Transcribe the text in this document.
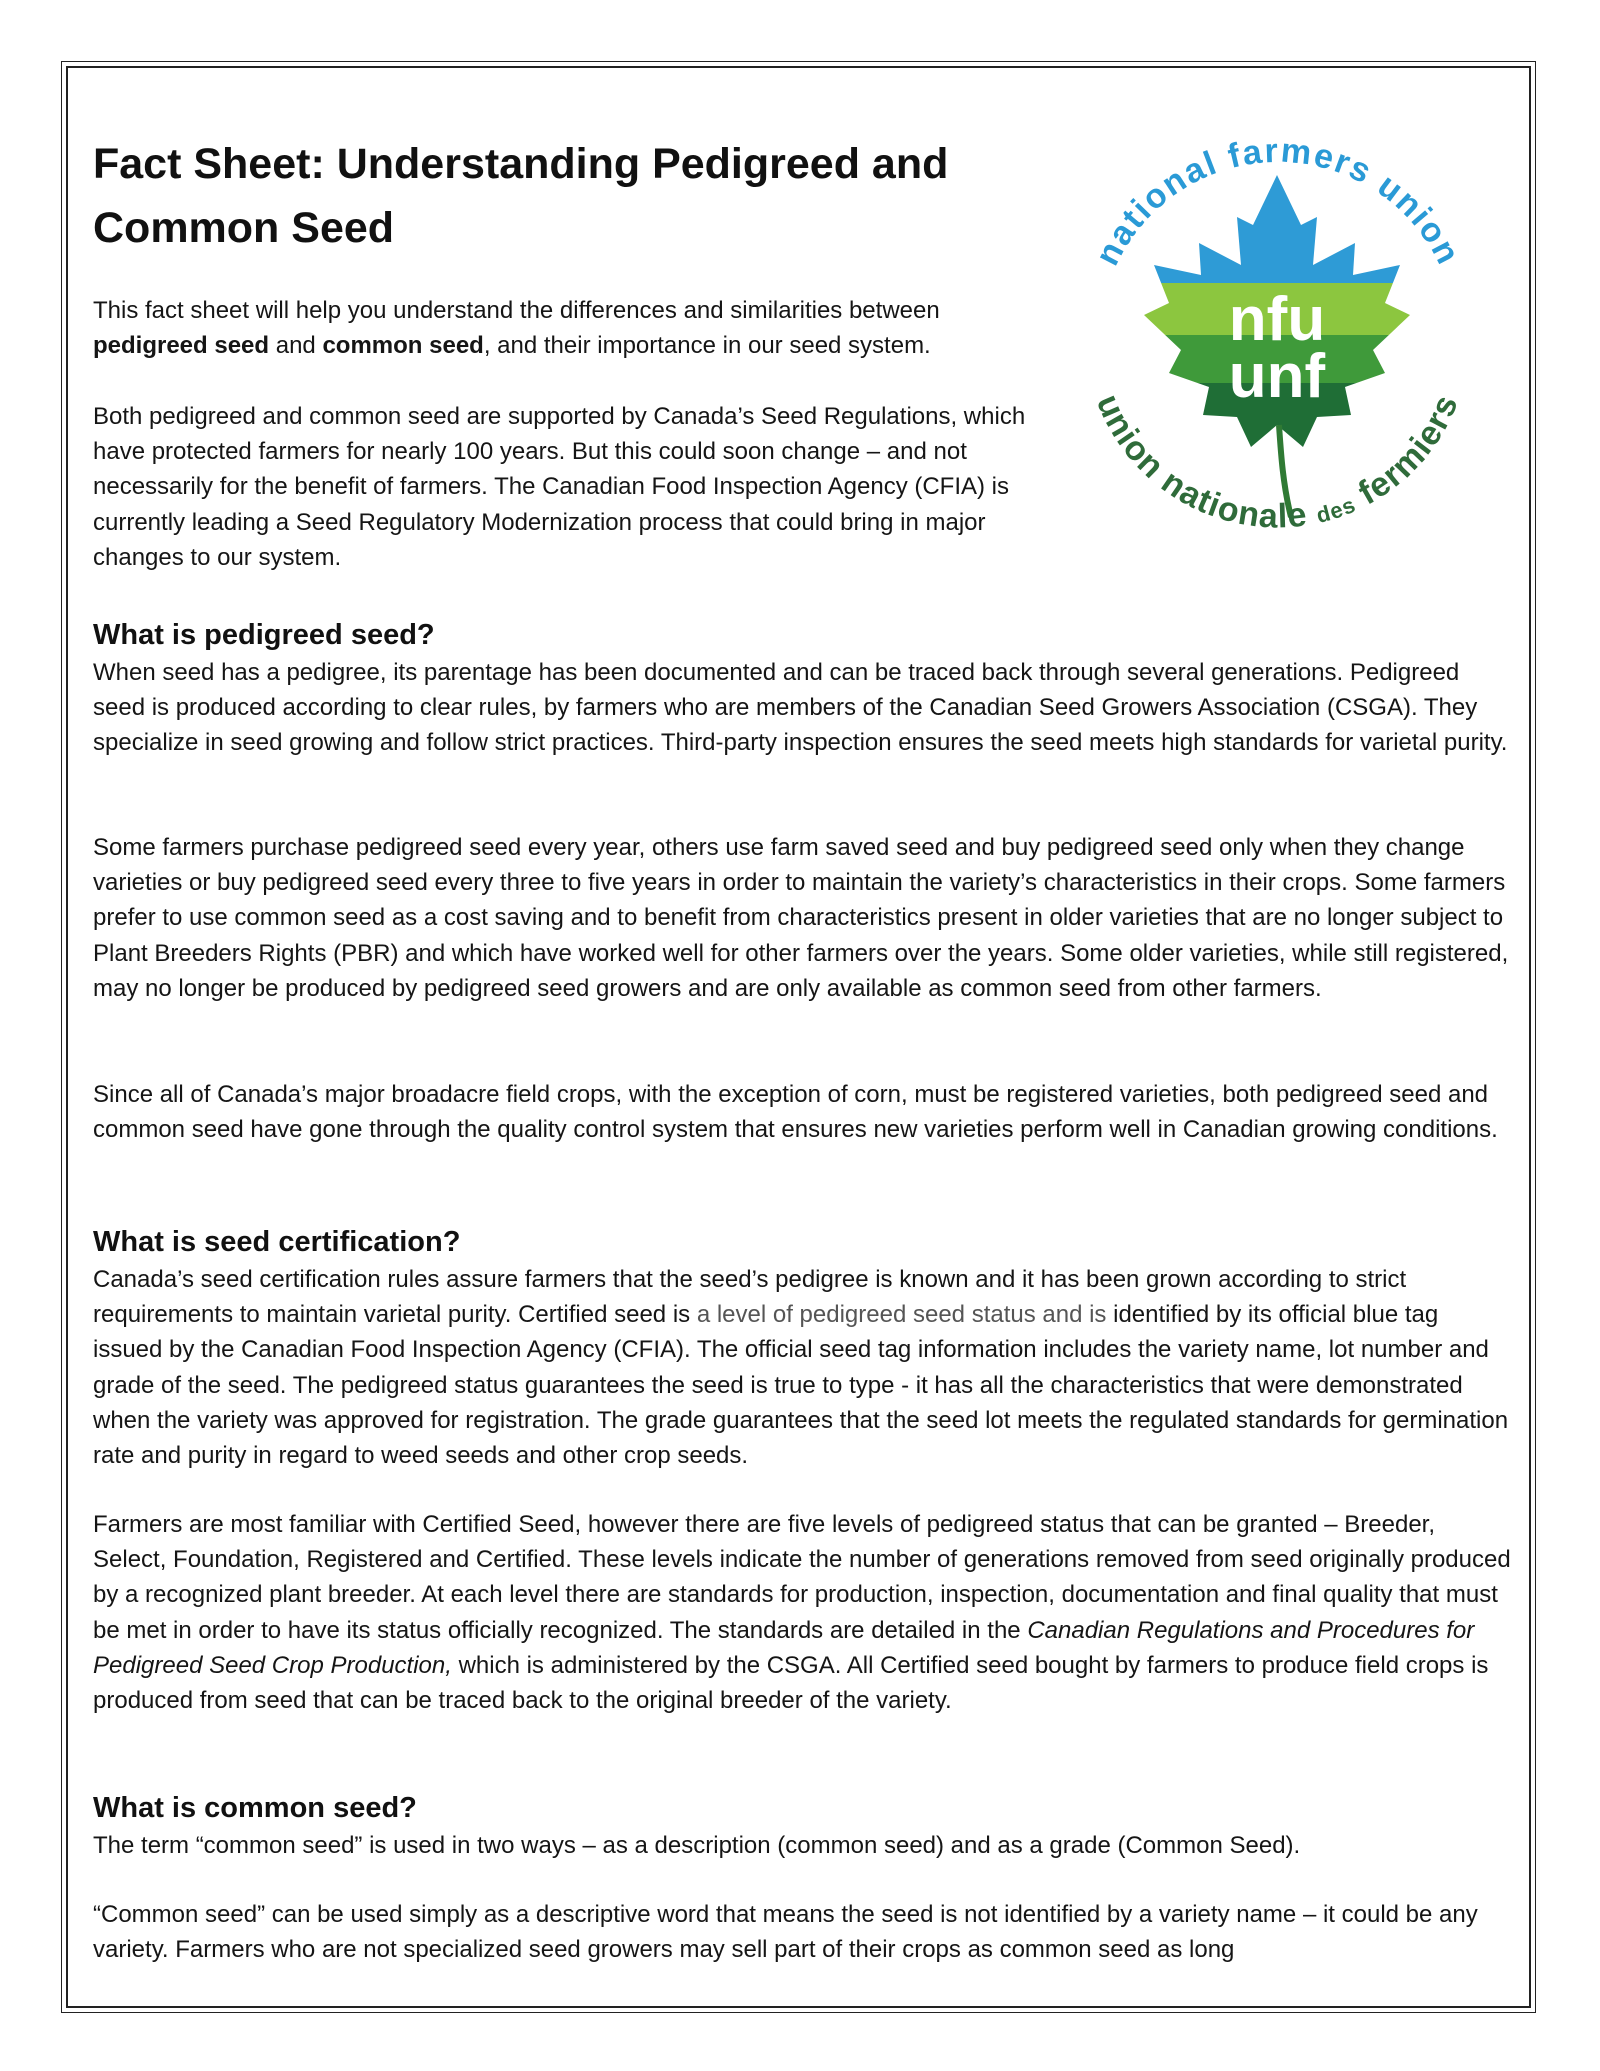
Fact Sheet: Understanding Pedigreed and Common Seed
nfu
unf
national farmers union
union nationale des fermiers

This fact sheet will help you understand the differences and similarities between pedigreed seed and common seed, and their importance in our seed system.

Both pedigreed and common seed are supported by Canada’s Seed Regulations, which have protected farmers for nearly 100 years. But this could soon change – and not necessarily for the benefit of farmers. The Canadian Food Inspection Agency (CFIA) is currently leading a Seed Regulatory Modernization process that could bring in major changes to our system.

What is pedigreed seed?

When seed has a pedigree, its parentage has been documented and can be traced back through several generations. Pedigreed seed is produced according to clear rules, by farmers who are members of the Canadian Seed Growers Association (CSGA). They specialize in seed growing and follow strict practices. Third-party inspection ensures the seed meets high standards for varietal purity.

Some farmers purchase pedigreed seed every year, others use farm saved seed and buy pedigreed seed only when they change varieties or buy pedigreed seed every three to five years in order to maintain the variety’s characteristics in their crops. Some farmers prefer to use common seed as a cost saving and to benefit from characteristics present in older varieties that are no longer subject to Plant Breeders Rights (PBR) and which have worked well for other farmers over the years. Some older varieties, while still registered, may no longer be produced by pedigreed seed growers and are only available as common seed from other farmers.

Since all of Canada’s major broadacre field crops, with the exception of corn, must be registered varieties, both pedigreed seed and common seed have gone through the quality control system that ensures new varieties perform well in Canadian growing conditions.

What is seed certification?

Canada’s seed certification rules assure farmers that the seed’s pedigree is known and it has been grown according to strict requirements to maintain varietal purity. Certified seed is a level of pedigreed seed status and is identified by its official blue tag issued by the Canadian Food Inspection Agency (CFIA). The official seed tag information includes the variety name, lot number and grade of the seed. The pedigreed status guarantees the seed is true to type - it has all the characteristics that were demonstrated when the variety was approved for registration. The grade guarantees that the seed lot meets the regulated standards for germination rate and purity in regard to weed seeds and other crop seeds.

Farmers are most familiar with Certified Seed, however there are five levels of pedigreed status that can be granted – Breeder, Select, Foundation, Registered and Certified. These levels indicate the number of generations removed from seed originally produced by a recognized plant breeder. At each level there are standards for production, inspection, documentation and final quality that must be met in order to have its status officially recognized. The standards are detailed in the Canadian Regulations and Procedures for Pedigreed Seed Crop Production, which is administered by the CSGA. All Certified seed bought by farmers to produce field crops is produced from seed that can be traced back to the original breeder of the variety.

What is common seed?

The term “common seed” is used in two ways – as a description (common seed) and as a grade (Common Seed).

“Common seed” can be used simply as a descriptive word that means the seed is not identified by a variety name – it could be any variety. Farmers who are not specialized seed growers may sell part of their crops as common seed as long
